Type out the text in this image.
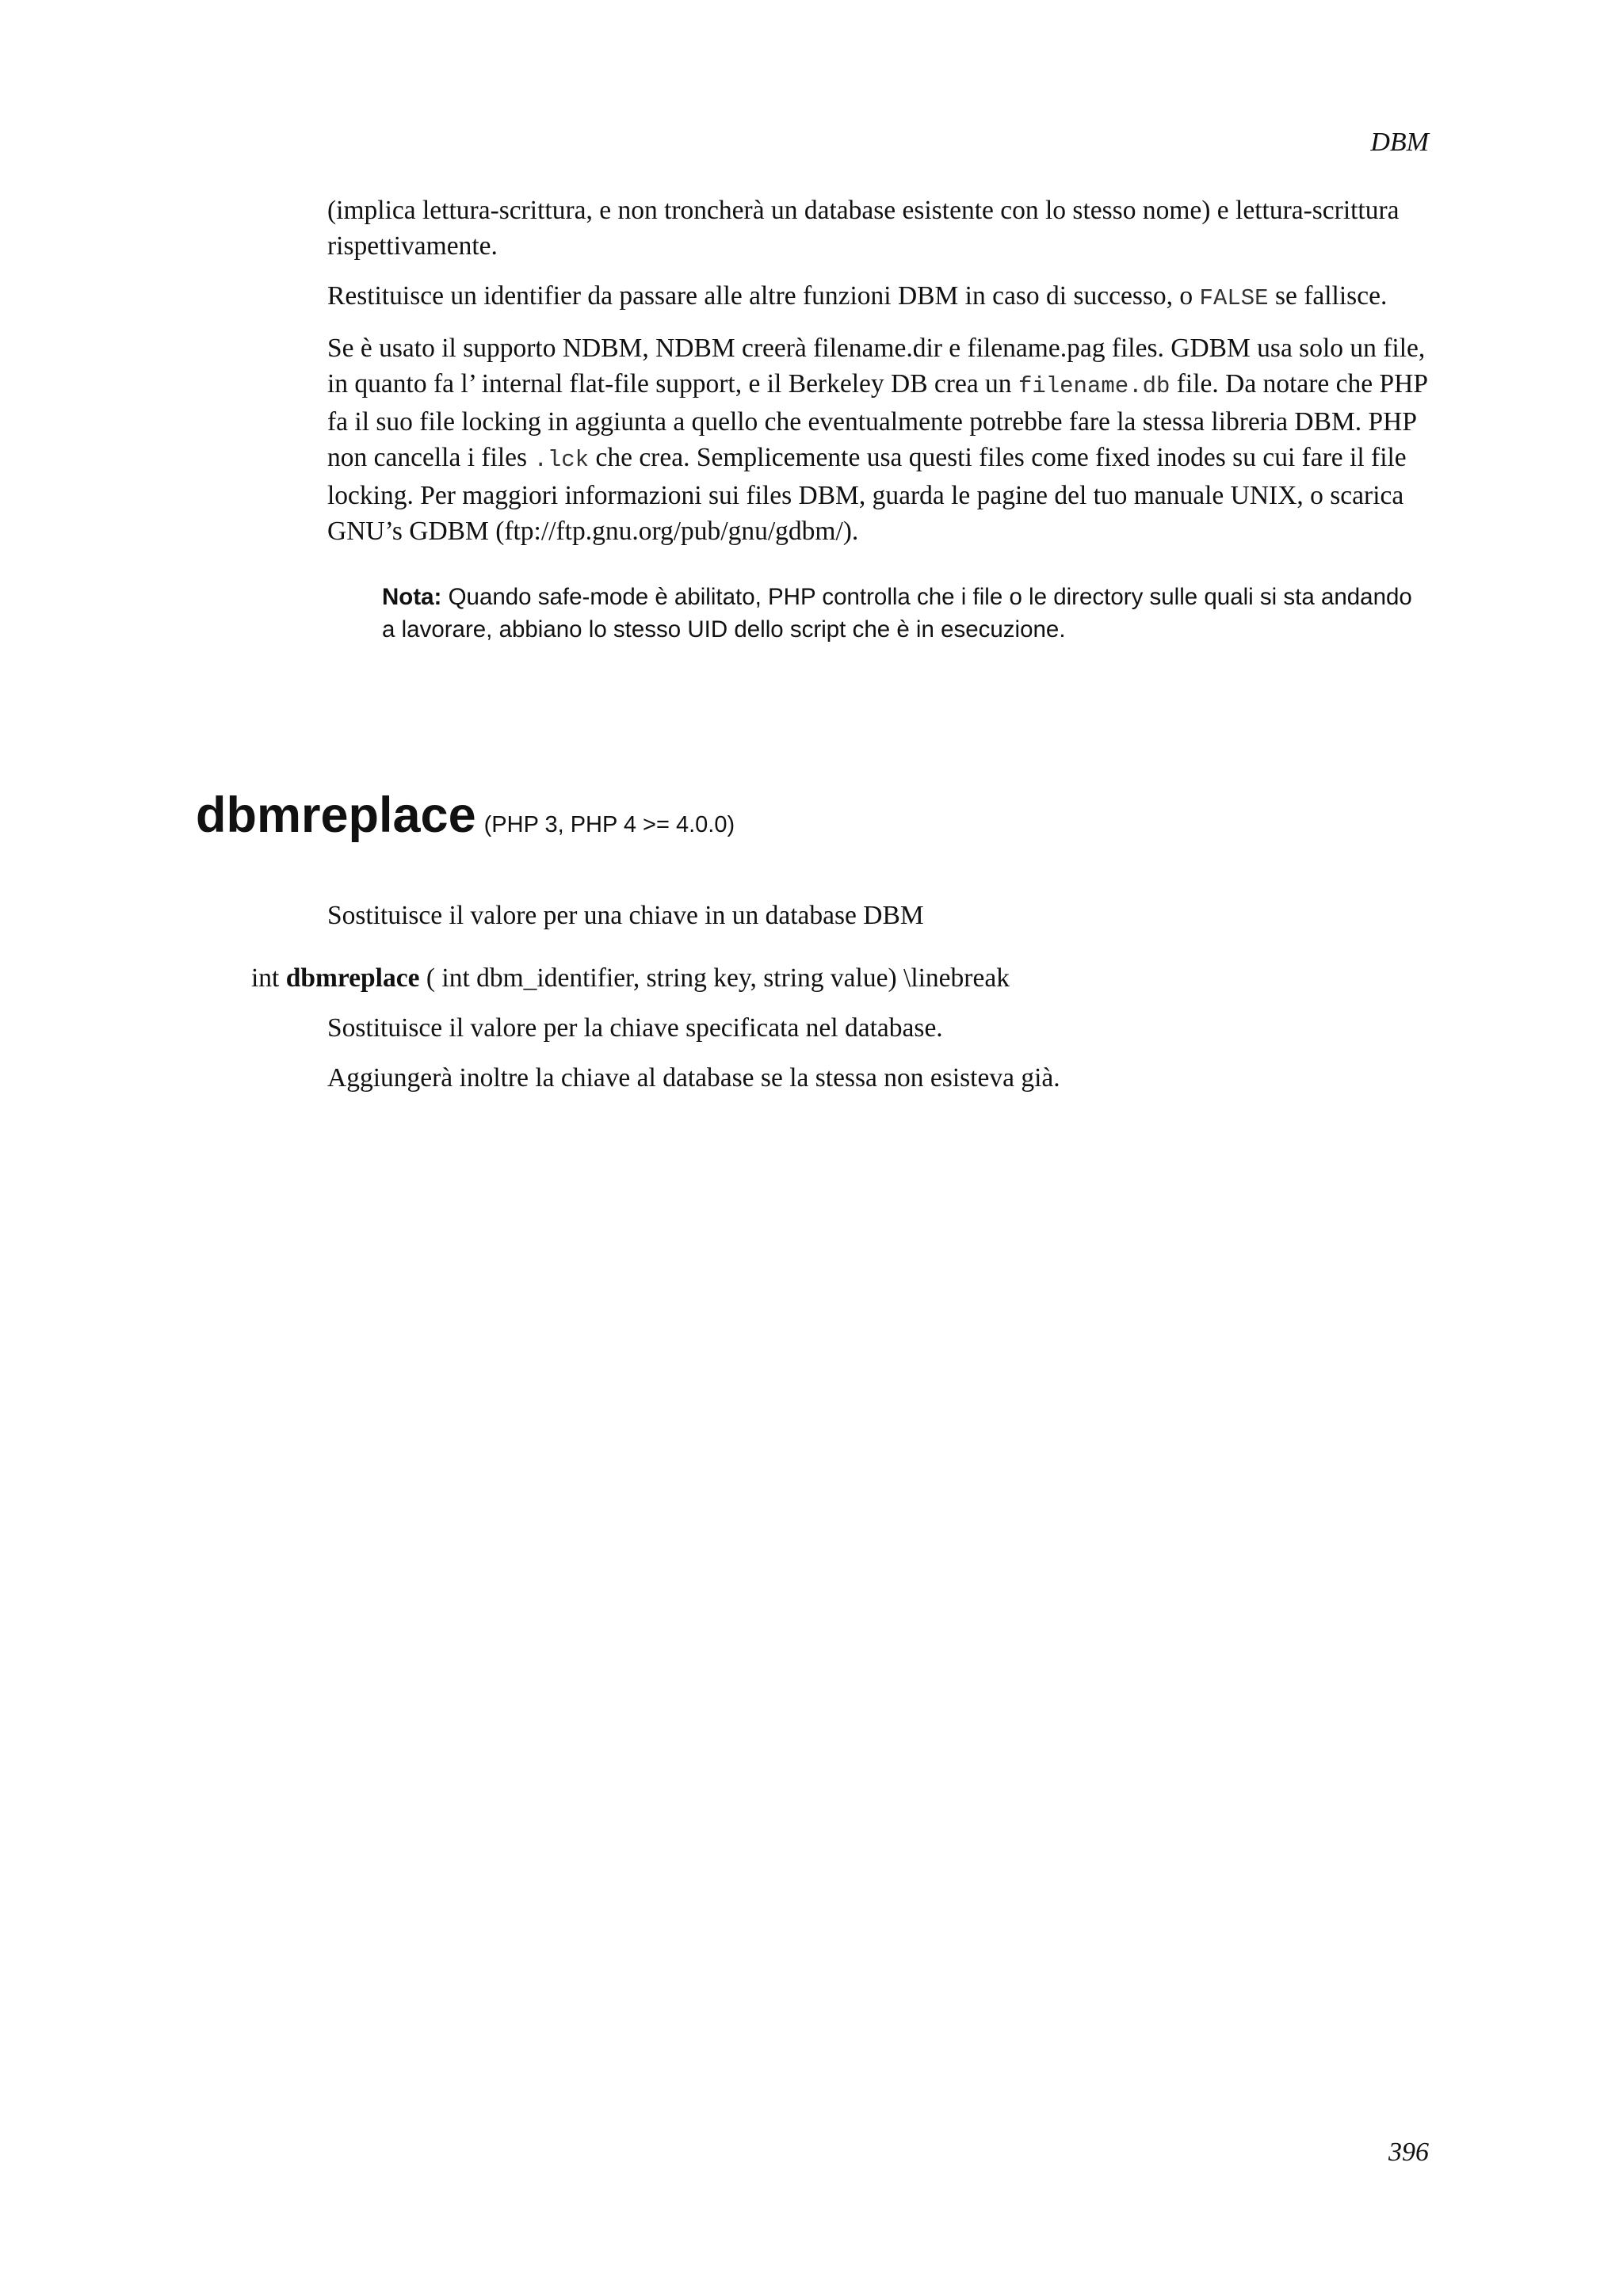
DBM

(implica lettura-scrittura, e non troncherà un database esistente con lo stesso nome) e lettura-scrittura rispettivamente.

Restituisce un identifier da passare alle altre funzioni DBM in caso di successo, o FALSE se fallisce.

Se è usato il supporto NDBM, NDBM creerà filename.dir e filename.pag files. GDBM usa solo un file, in quanto fa l’ internal flat-file support, e il Berkeley DB crea un filename.db file. Da notare che PHP fa il suo file locking in aggiunta a quello che eventualmente potrebbe fare la stessa libreria DBM. PHP non cancella i files .lck che crea. Semplicemente usa questi files come fixed inodes su cui fare il file locking. Per maggiori informazioni sui files DBM, guarda le pagine del tuo manuale UNIX, o scarica GNU’s GDBM (ftp://ftp.gnu.org/pub/gnu/gdbm/).

Nota: Quando safe-mode è abilitato, PHP controlla che i file o le directory sulle quali si sta andando a lavorare, abbiano lo stesso UID dello script che è in esecuzione.
dbmreplace (PHP 3, PHP 4 >= 4.0.0)
Sostituisce il valore per una chiave in un database DBM
int dbmreplace ( int dbm_identifier, string key, string value) \linebreak

Sostituisce il valore per la chiave specificata nel database.

Aggiungerà inoltre la chiave al database se la stessa non esisteva già.

396
